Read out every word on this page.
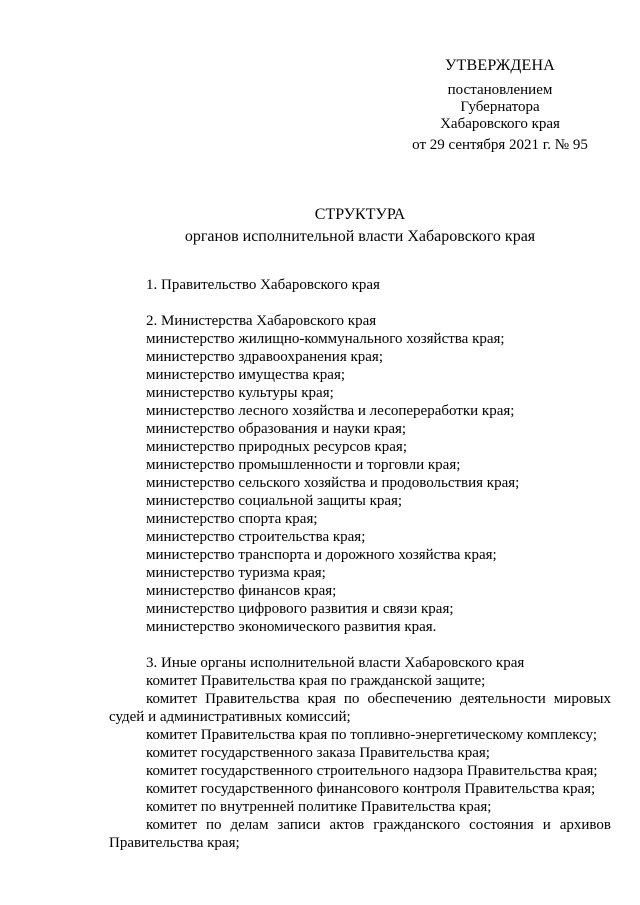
УТВЕРЖДЕНА
постановлением
Губернатора
Хабаровского края
от 29 сентября 2021 г. № 95
СТРУКТУРА
органов исполнительной власти Хабаровского края

1. Правительство Хабаровского края

2. Министерства Хабаровского края

министерство жилищно-коммунального хозяйства края;

министерство здравоохранения края;

министерство имущества края;

министерство культуры края;

министерство лесного хозяйства и лесопереработки края;

министерство образования и науки края;

министерство природных ресурсов края;

министерство промышленности и торговли края;

министерство сельского хозяйства и продовольствия края;

министерство социальной защиты края;

министерство спорта края;

министерство строительства края;

министерство транспорта и дорожного хозяйства края;

министерство туризма края;

министерство финансов края;

министерство цифрового развития и связи края;

министерство экономического развития края.

3. Иные органы исполнительной власти Хабаровского края

комитет Правительства края по гражданской защите;

комитет Правительства края по обеспечению деятельности мировых судей и административных комиссий;

комитет Правительства края по топливно-энергетическому комплексу;

комитет государственного заказа Правительства края;

комитет государственного строительного надзора Правительства края;

комитет государственного финансового контроля Правительства края;

комитет по внутренней политике Правительства края;

комитет по делам записи актов гражданского состояния и архивов Правительства края;
